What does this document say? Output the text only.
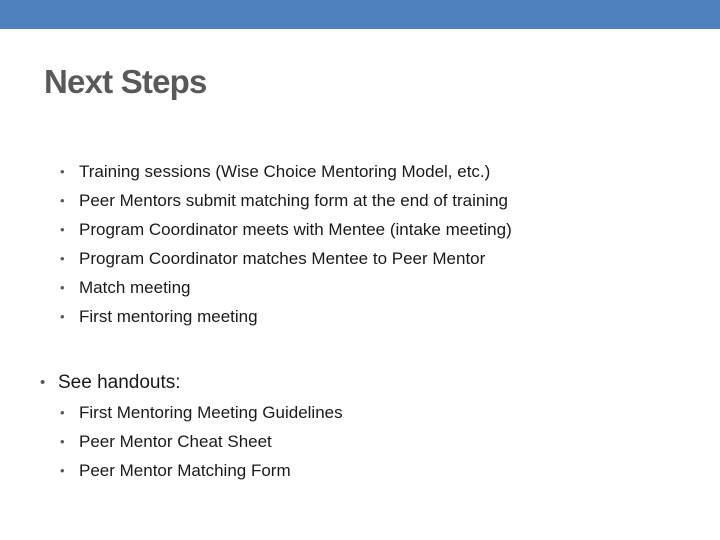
Next Steps
• Training sessions (Wise Choice Mentoring Model, etc.)
• Peer Mentors submit matching form at the end of training
• Program Coordinator meets with Mentee (intake meeting)
• Program Coordinator matches Mentee to Peer Mentor
• Match meeting
• First mentoring meeting
• See handouts:
• First Mentoring Meeting Guidelines
• Peer Mentor Cheat Sheet
• Peer Mentor Matching Form
